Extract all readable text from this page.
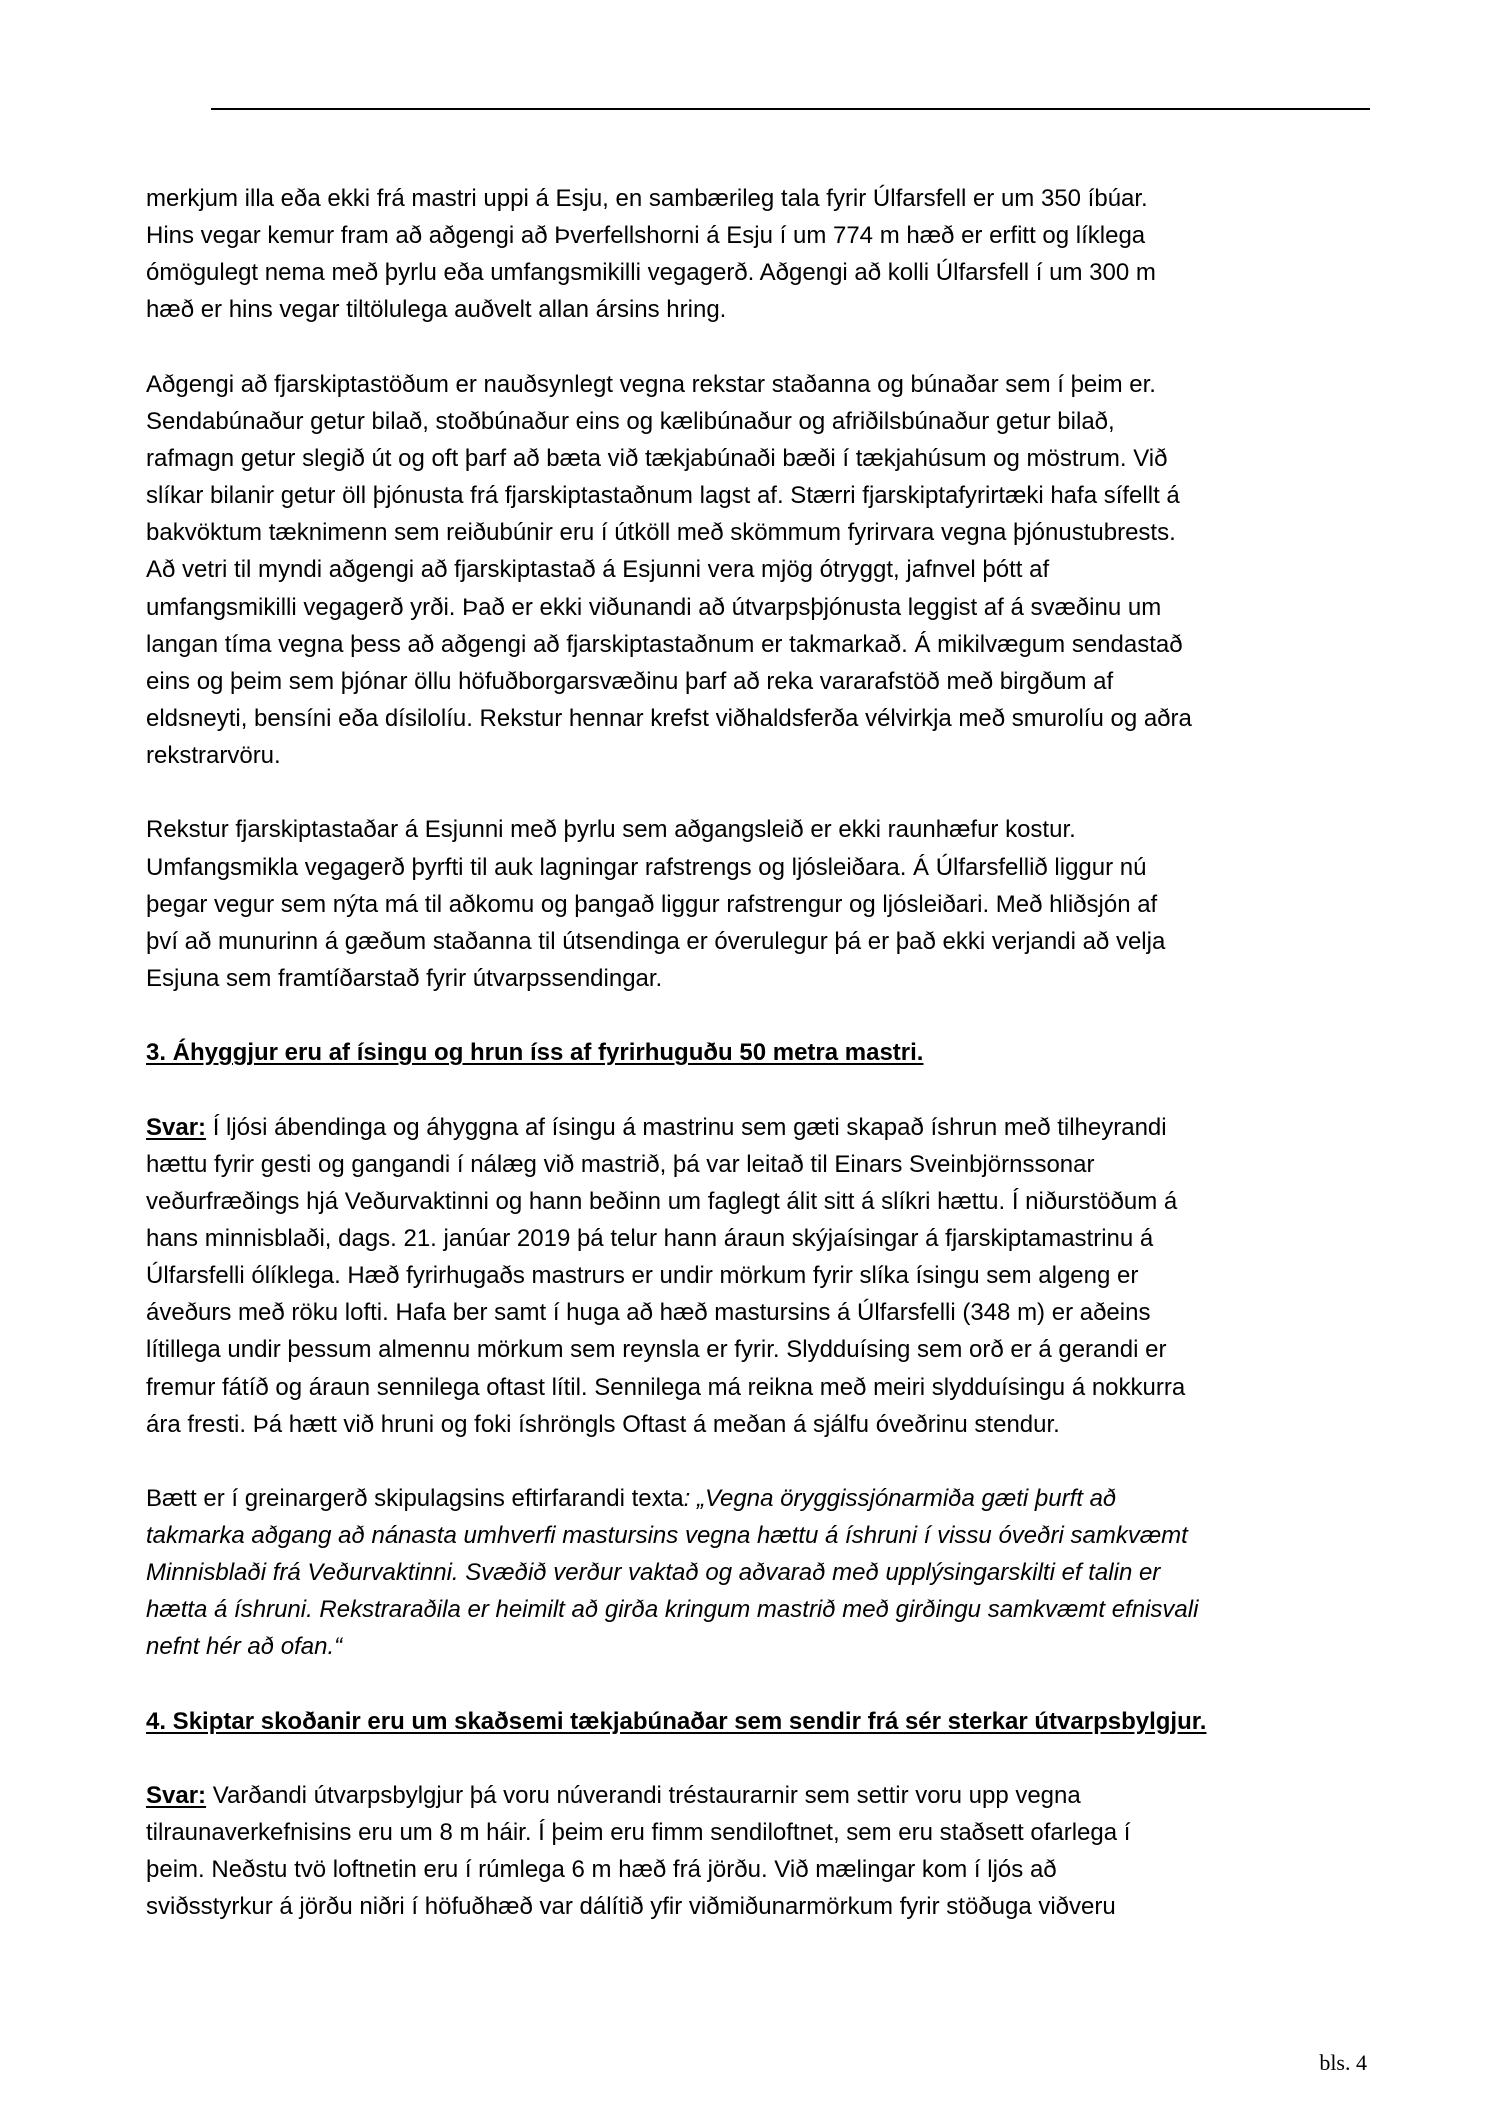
merkjum illa eða ekki frá mastri uppi á Esju, en sambærileg tala fyrir Úlfarsfell er um 350 íbúar.
Hins vegar kemur fram að aðgengi að Þverfellshorni á Esju í um 774 m hæð er erfitt og líklega
ómögulegt nema með þyrlu eða umfangsmikilli vegagerð. Aðgengi að kolli Úlfarsfell í um 300 m
hæð er hins vegar tiltölulega auðvelt allan ársins hring.
Aðgengi að fjarskiptastöðum er nauðsynlegt vegna rekstar staðanna og búnaðar sem í þeim er.
Sendabúnaður getur bilað, stoðbúnaður eins og kælibúnaður og afriðilsbúnaður getur bilað,
rafmagn getur slegið út og oft þarf að bæta við tækjabúnaði bæði í tækjahúsum og möstrum. Við
slíkar bilanir getur öll þjónusta frá fjarskiptastaðnum lagst af. Stærri fjarskiptafyrirtæki hafa sífellt á
bakvöktum tæknimenn sem reiðubúnir eru í útköll með skömmum fyrirvara vegna þjónustubrests.
Að vetri til myndi aðgengi að fjarskiptastað á Esjunni vera mjög ótryggt, jafnvel þótt af
umfangsmikilli vegagerð yrði. Það er ekki viðunandi að útvarpsþjónusta leggist af á svæðinu um
langan tíma vegna þess að aðgengi að fjarskiptastaðnum er takmarkað. Á mikilvægum sendastað
eins og þeim sem þjónar öllu höfuðborgarsvæðinu þarf að reka vararafstöð með birgðum af
eldsneyti, bensíni eða dísilolíu. Rekstur hennar krefst viðhaldsferða vélvirkja með smurolíu og aðra
rekstrarvöru.
Rekstur fjarskiptastaðar á Esjunni með þyrlu sem aðgangsleið er ekki raunhæfur kostur.
Umfangsmikla vegagerð þyrfti til auk lagningar rafstrengs og ljósleiðara. Á Úlfarsfellið liggur nú
þegar vegur sem nýta má til aðkomu og þangað liggur rafstrengur og ljósleiðari. Með hliðsjón af
því að munurinn á gæðum staðanna til útsendinga er óverulegur þá er það ekki verjandi að velja
Esjuna sem framtíðarstað fyrir útvarpssendingar.
3. Áhyggjur eru af ísingu og hrun íss af fyrirhuguðu 50 metra mastri.
Svar: Í ljósi ábendinga og áhyggna af ísingu á mastrinu sem gæti skapað íshrun með tilheyrandi
hættu fyrir gesti og gangandi í nálæg við mastrið, þá var leitað til Einars Sveinbjörnssonar
veðurfræðings hjá Veðurvaktinni og hann beðinn um faglegt álit sitt á slíkri hættu. Í niðurstöðum á
hans minnisblaði, dags. 21. janúar 2019 þá telur hann áraun skýjaísingar á fjarskiptamastrinu á
Úlfarsfelli ólíklega. Hæð fyrirhugaðs mastrurs er undir mörkum fyrir slíka ísingu sem algeng er
áveðurs með röku lofti. Hafa ber samt í huga að hæð mastursins á Úlfarsfelli (348 m) er aðeins
lítillega undir þessum almennu mörkum sem reynsla er fyrir. Slydduísing sem orð er á gerandi er
fremur fátíð og áraun sennilega oftast lítil. Sennilega má reikna með meiri slydduísingu á nokkurra
ára fresti. Þá hætt við hruni og foki íshröngls Oftast á meðan á sjálfu óveðrinu stendur.
Bætt er í greinargerð skipulagsins eftirfarandi texta: „Vegna öryggissjónarmiða gæti þurft að
takmarka aðgang að nánasta umhverfi mastursins vegna hættu á íshruni í vissu óveðri samkvæmt
Minnisblaði frá Veðurvaktinni. Svæðið verður vaktað og aðvarað með upplýsingarskilti ef talin er
hætta á íshruni. Rekstraraðila er heimilt að girða kringum mastrið með girðingu samkvæmt efnisvali
nefnt hér að ofan.“
4. Skiptar skoðanir eru um skaðsemi tækjabúnaðar sem sendir frá sér sterkar útvarpsbylgjur.
Svar: Varðandi útvarpsbylgjur þá voru núverandi tréstaurarnir sem settir voru upp vegna
tilraunaverkefnisins eru um 8 m háir. Í þeim eru fimm sendiloftnet, sem eru staðsett ofarlega í
þeim. Neðstu tvö loftnetin eru í rúmlega 6 m hæð frá jörðu. Við mælingar kom í ljós að
sviðsstyrkur á jörðu niðri í höfuðhæð var dálítið yfir viðmiðunarmörkum fyrir stöðuga viðveru
bls. 4
